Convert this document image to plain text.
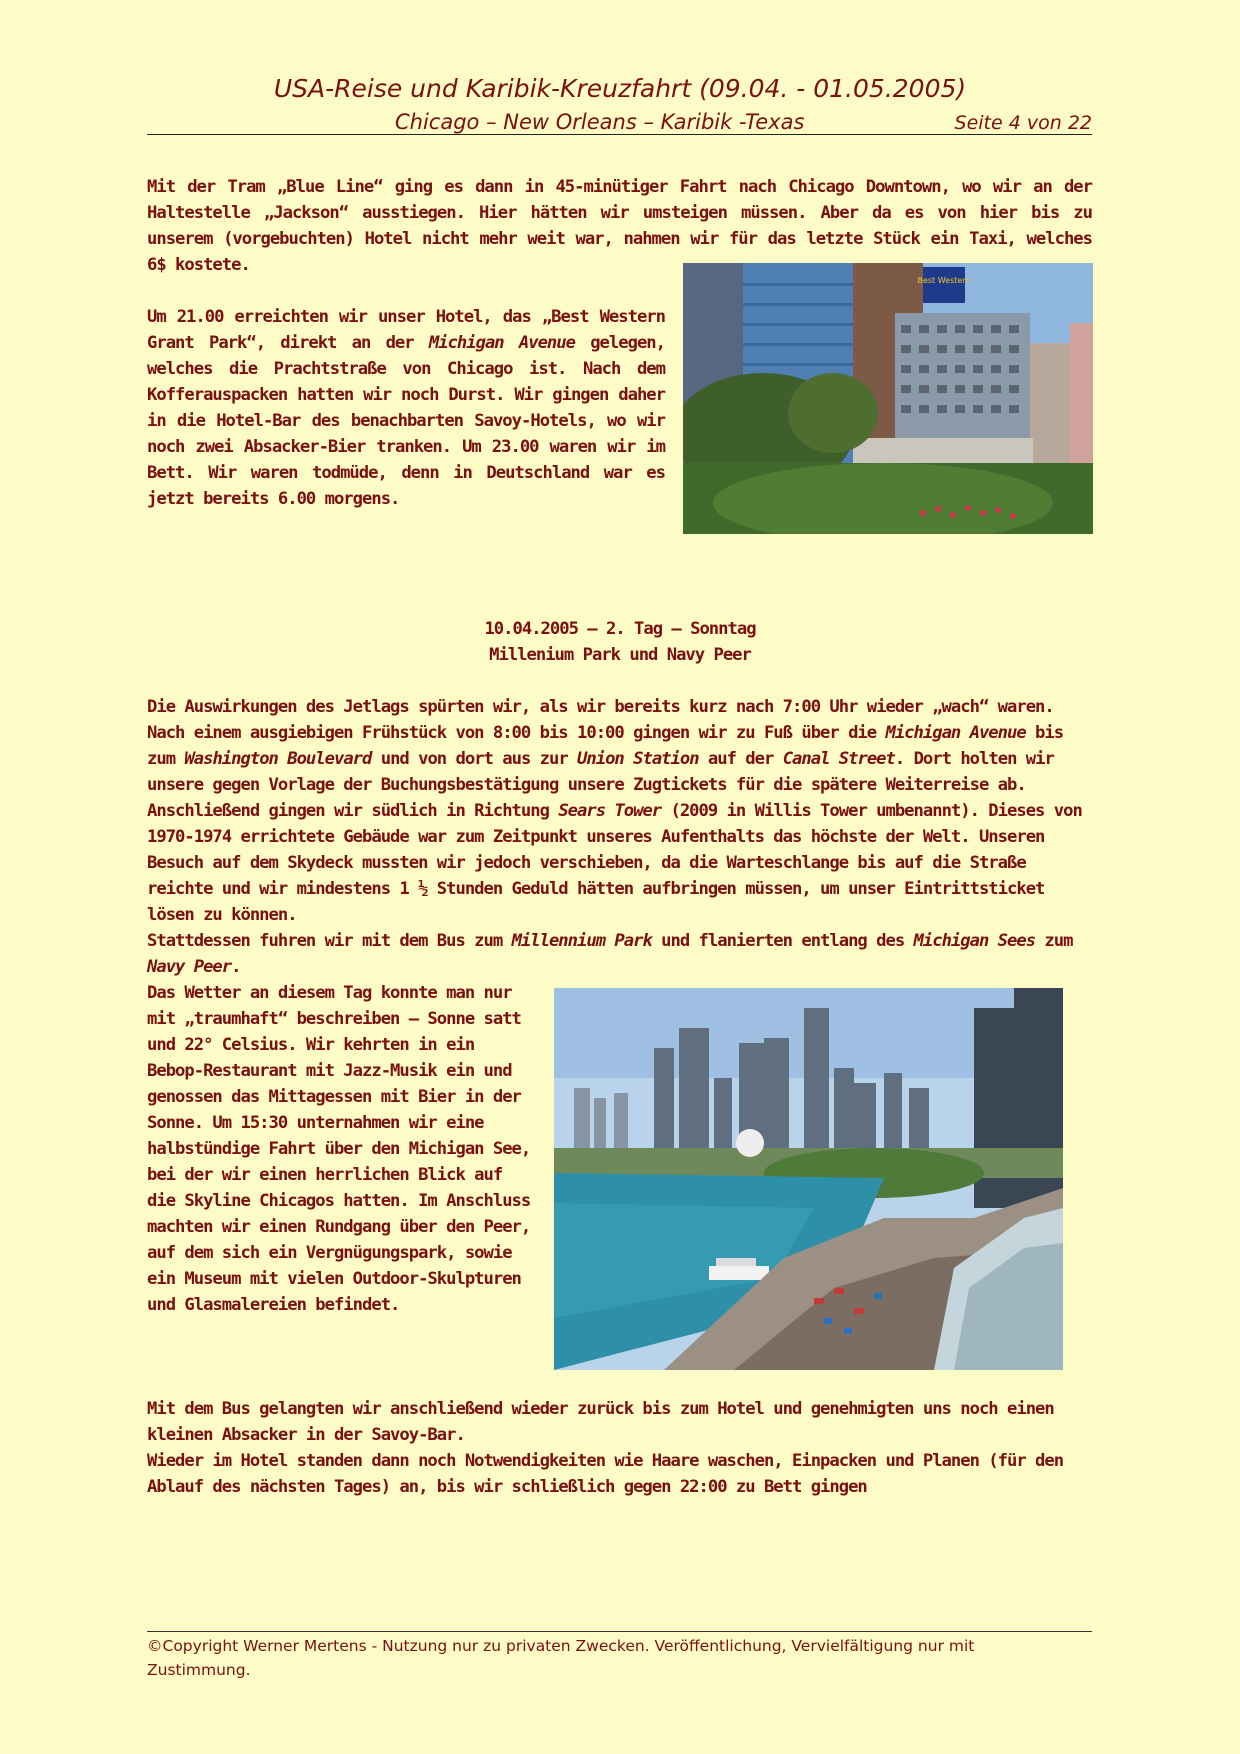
USA-Reise und Karibik-Kreuzfahrt (09.04. - 01.05.2005)
Chicago – New Orleans – Karibik -Texas	Seite 4 von 22

Mit der Tram „Blue Line“ ging es dann in 45-minütiger Fahrt nach Chicago Downtown, wo wir an der Haltestelle „Jackson“ ausstiegen. Hier hätten wir umsteigen müssen. Aber da es von hier bis zu unserem (vorgebuchten) Hotel nicht mehr weit war, nahmen wir für das letzte Stück ein Taxi, welches 6$ kostete.

Um 21.00 erreichten wir unser Hotel, das „Best Western Grant Park“, direkt an der Michigan Avenue gelegen, welches die Prachtstraße von Chicago ist. Nach dem Kofferauspacken hatten wir noch Durst. Wir gingen daher in die Hotel-Bar des benachbarten Savoy-Hotels, wo wir noch zwei Absacker-Bier tranken. Um 23.00 waren wir im Bett. Wir waren todmüde, denn in Deutschland war es jetzt bereits 6.00 morgens.

Best Western

10.04.2005 – 2. Tag – Sonntag

Millenium Park und Navy Peer

Die Auswirkungen des Jetlags spürten wir, als wir bereits kurz nach 7:00 Uhr wieder „wach“ waren. Nach einem ausgiebigen Frühstück von 8:00 bis 10:00 gingen wir zu Fuß über die Michigan Avenue bis zum Washington Boulevard und von dort aus zur Union Station auf der Canal Street. Dort holten wir unsere gegen Vorlage der Buchungsbestätigung unsere Zugtickets für die spätere Weiterreise ab. Anschließend gingen wir südlich in Richtung Sears Tower (2009 in Willis Tower umbenannt). Dieses von 1970-1974 errichtete Gebäude war zum Zeitpunkt unseres Aufenthalts das höchste der Welt. Unseren Besuch auf dem Skydeck mussten wir jedoch verschieben, da die Warteschlange bis auf die Straße reichte und wir mindestens 1 ½ Stunden Geduld hätten aufbringen müssen, um unser Eintrittsticket lösen zu können.

Stattdessen fuhren wir mit dem Bus zum Millennium Park und flanierten entlang des Michigan Sees zum Navy Peer.

Das Wetter an diesem Tag konnte man nur mit „traumhaft“ beschreiben – Sonne satt und 22° Celsius. Wir kehrten in ein Bebop-Restaurant mit Jazz-Musik ein und genossen das Mittagessen mit Bier in der Sonne. Um 15:30 unternahmen wir eine halbstündige Fahrt über den Michigan See, bei der wir einen herrlichen Blick auf die Skyline Chicagos hatten. Im Anschluss machten wir einen Rundgang über den Peer, auf dem sich ein Vergnügungspark, sowie ein Museum mit vielen Outdoor-Skulpturen und Glasmalereien befindet.

Mit dem Bus gelangten wir anschließend wieder zurück bis zum Hotel und genehmigten uns noch einen kleinen Absacker in der Savoy-Bar.

Wieder im Hotel standen dann noch Notwendigkeiten wie Haare waschen, Einpacken und Planen (für den Ablauf des nächsten Tages) an, bis wir schließlich gegen 22:00 zu Bett gingen

©Copyright Werner Mertens - Nutzung nur zu privaten Zwecken. Veröffentlichung, Vervielfältigung nur mit Zustimmung.
